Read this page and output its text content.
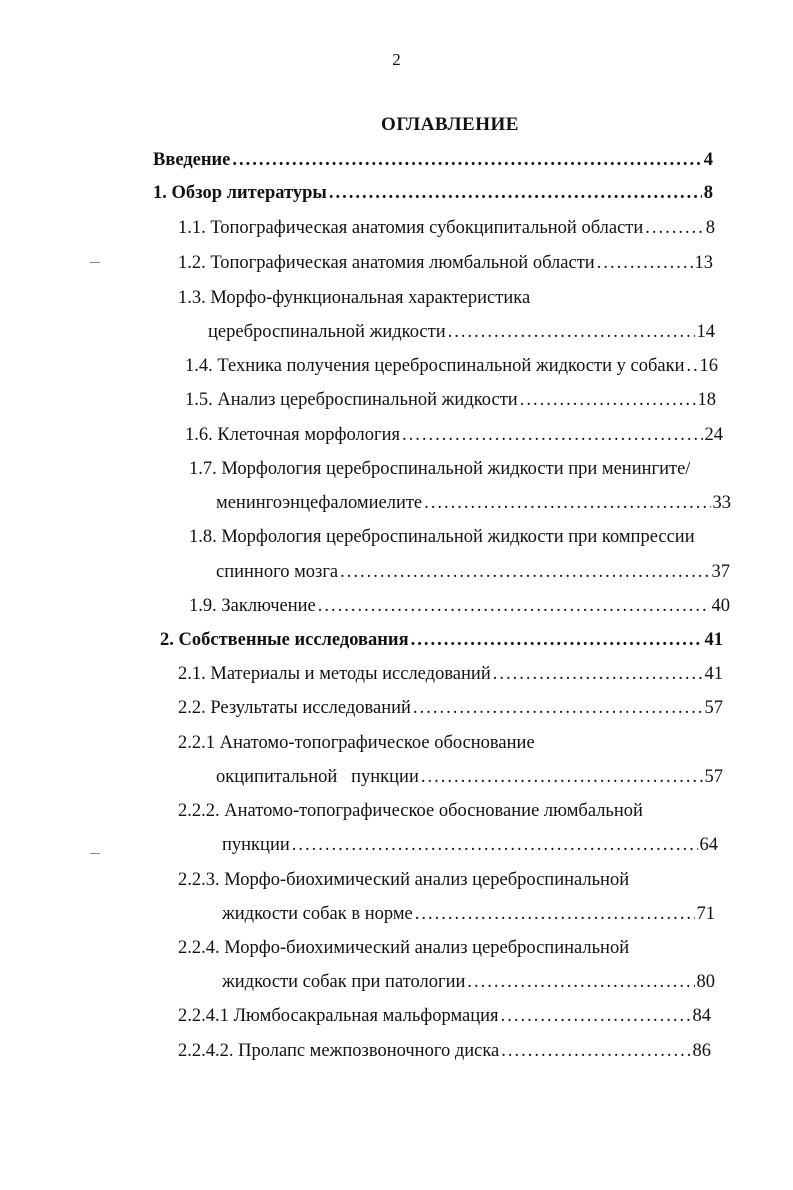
2
ОГЛАВЛЕНИЕ
Введение .....	4
1. Обзор литературы .....	8
1.1. Топографическая анатомия субокципитальной области .....	8
1.2. Топографическая анатомия люмбальной области .....	13
1.3. Морфо-функциональная характеристика
цереброспинальной жидкости .....	14
1.4. Техника получения цереброспинальной жидкости у собаки ..... 16
1.5. Анализ цереброспинальной жидкости .....	18
1.6. Клеточная морфология .....	24
1.7. Морфология цереброспинальной жидкости при менингите/
менингоэнцефаломиелите .....	33
1.8. Морфология цереброспинальной жидкости при компрессии
спинного мозга .....	37
1.9. Заключение .....	40
2. Собственные исследования .....	41
2.1. Материалы и методы исследований .....	41
2.2. Результаты исследований .....	57
2.2.1 Анатомо-топографическое обоснование
окципитальной   пункции .....	57
2.2.2. Анатомо-топографическое обоснование люмбальной
пункции .....	64
2.2.3. Морфо-биохимический анализ цереброспинальной
жидкости собак в норме .....	71
2.2.4. Морфо-биохимический анализ цереброспинальной
жидкости собак при патологии .....	80
2.2.4.1 Люмбосакральная мальформация .....	84
2.2.4.2. Пролапс межпозвоночного диска .....	86
